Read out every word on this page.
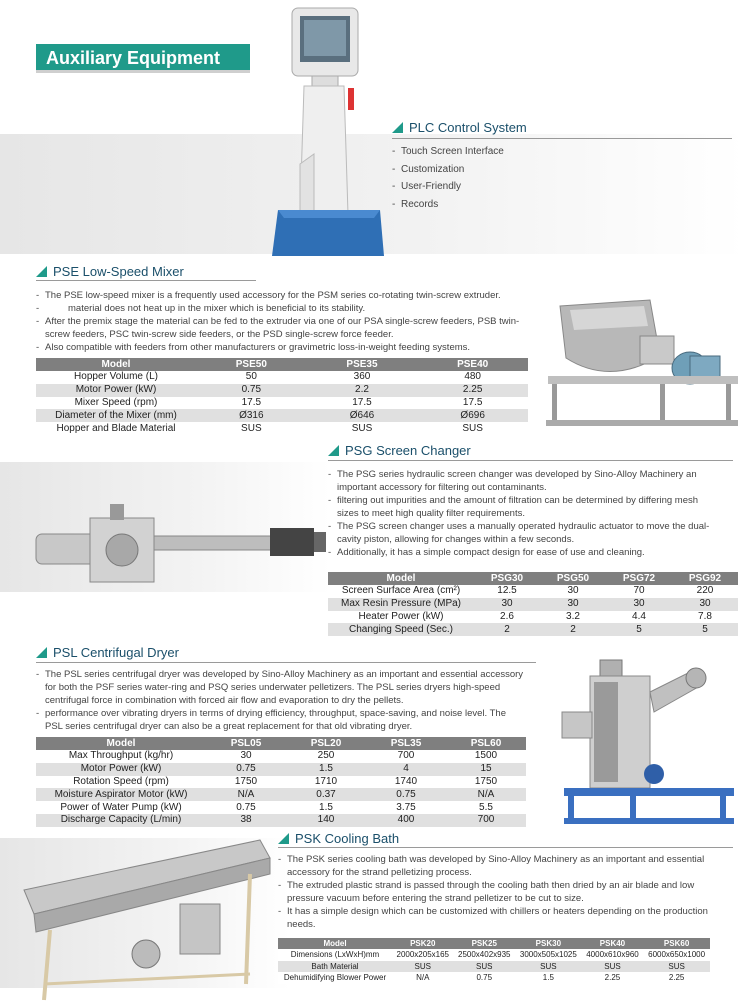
Auxiliary Equipment
PLC Control System
- Touch Screen Interface
- Customization
- User-Friendly
- Records
PSE Low-Speed Mixer
- The PSE low-speed mixer is a frequently used accessory for the PSM series co-rotating twin-screw extruder.
- material does not heat up in the mixer which is beneficial to its stability.
- After the premix stage the material can be fed to the extruder via one of our PSA single-screw feeders, PSB twin-screw feeders, PSC twin-screw side feeders, or the PSD single-screw force feeder.
- Also compatible with feeders from other manufacturers or gravimetric loss-in-weight feeding systems.
Model	PSE50	PSE35	PSE40
Hopper Volume (L)	50	360	480
Motor Power (kW)	0.75	2.2	2.25
Mixer Speed (rpm)	17.5	17.5	17.5
Diameter of the Mixer (mm)	Ø316	Ø646	Ø696
Hopper and Blade Material	SUS	SUS	SUS
PSG Screen Changer
- The PSG series hydraulic screen changer was developed by Sino-Alloy Machinery an important accessory for filtering out contaminants.
- filtering out impurities and the amount of filtration can be determined by differing mesh sizes to meet high quality filter requirements.
- The PSG screen changer uses a manually operated hydraulic actuator to move the dual-cavity piston, allowing for changes within a few seconds.
- Additionally, it has a simple compact design for ease of use and cleaning.
Model	PSG30	PSG50	PSG72	PSG92
Screen Surface Area (cm²)	12.5	30	70	220
Max Resin Pressure (MPa)	30	30	30	30
Heater Power (kW)	2.6	3.2	4.4	7.8
Changing Speed (Sec.)	2	2	5	5
PSL Centrifugal Dryer
- The PSL series centrifugal dryer was developed by Sino-Alloy Machinery as an important and essential accessory for both the PSF series water-ring and PSQ series underwater pelletizers. The PSL series dryers high-speed centrifugal force in combination with forced air flow and evaporation to dry the pellets.
- performance over vibrating dryers in terms of drying efficiency, throughput, space-saving, and noise level. The PSL series centrifugal dryer can also be a great replacement for that old vibrating dryer.
Model	PSL05	PSL20	PSL35	PSL60
Max Throughput (kg/hr)	30	250	700	1500
Motor Power (kW)	0.75	1.5	4	15
Rotation Speed (rpm)	1750	1710	1740	1750
Moisture Aspirator Motor (kW)	N/A	0.37	0.75	N/A
Power of Water Pump (kW)	0.75	1.5	3.75	5.5
Discharge Capacity (L/min)	38	140	400	700
PSK Cooling Bath
- The PSK series cooling bath was developed by Sino-Alloy Machinery as an important and essential accessory for the strand pelletizing process.
- The extruded plastic strand is passed through the cooling bath then dried by an air blade and low pressure vacuum before entering the strand pelletizer to be cut to size.
- It has a simple design which can be customized with chillers or heaters depending on the production needs.
Model	PSK20	PSK25	PSK30	PSK40	PSK60
Dimensions (LxWxH)mm	2000x205x165	2500x402x935	3000x505x1025	4000x610x960	6000x650x1000
Bath Material	SUS	SUS	SUS	SUS	SUS
Dehumidifying Blower Power	N/A	0.75	1.5	2.25	2.25
